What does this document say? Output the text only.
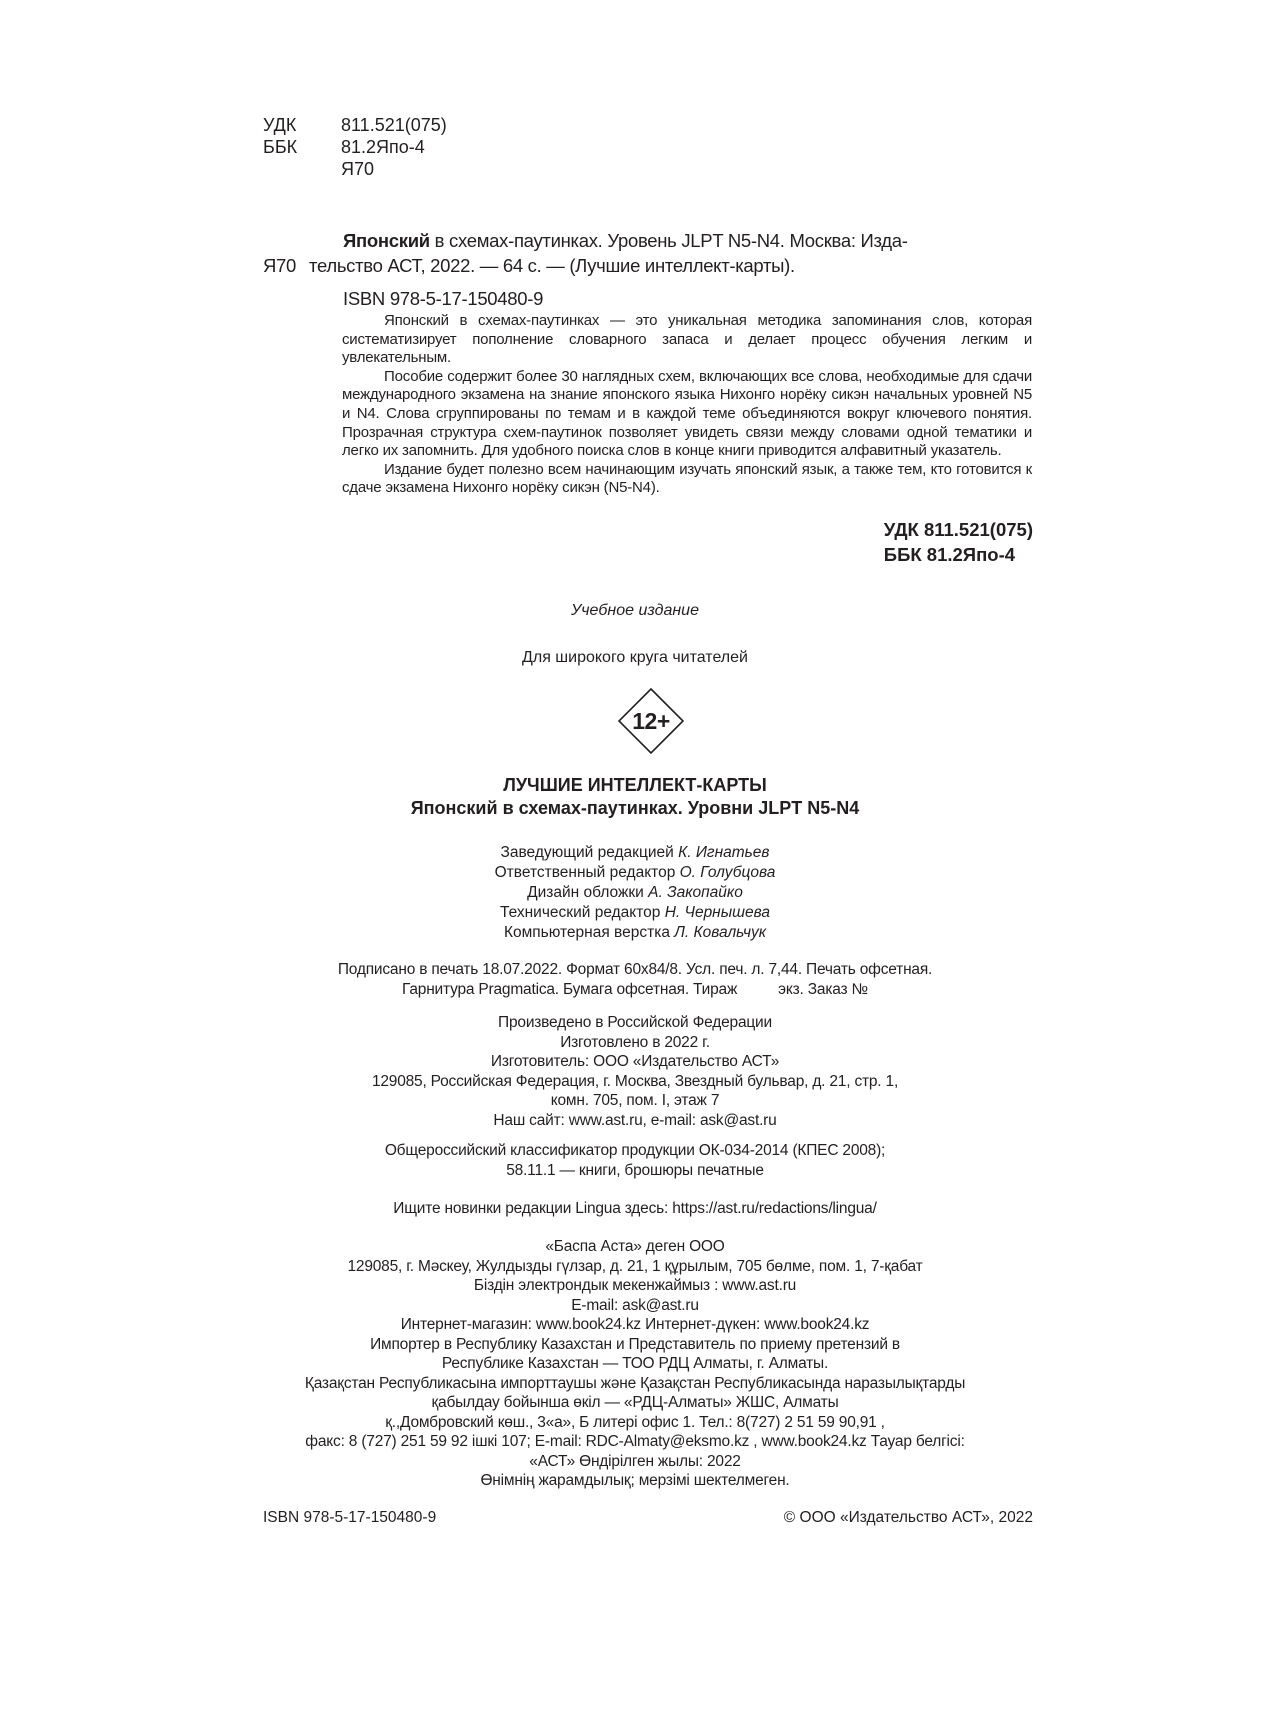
УДК 811.521(075)
ББК 81.2Япо-4
Я70
Японский в схемах-паутинках. Уровень JLPT N5-N4. Москва: Изда-
Я70 тельство АСТ, 2022. — 64 с. — (Лучшие интеллект-карты).
ISBN 978-5-17-150480-9

Японский в схемах-паутинках — это уникальная методика запоминания слов, которая систематизирует пополнение словарного запаса и делает процесс обучения легким и увлекательным.

Пособие содержит более 30 наглядных схем, включающих все слова, необходимые для сдачи международного экзамена на знание японского языка Нихонго норёку сикэн начальных уровней N5 и N4. Слова сгруппированы по темам и в каждой теме объединяются вокруг ключевого понятия. Прозрачная структура схем-паутинок позволяет увидеть связи между словами одной тематики и легко их запомнить. Для удобного поиска слов в конце книги приводится алфавитный указатель.

Издание будет полезно всем начинающим изучать японский язык, а также тем, кто готовится к сдаче экзамена Нихонго норёку сикэн (N5-N4).

УДК 811.521(075)
ББК 81.2Япо-4
Учебное издание
Для широкого круга читателей
12+
ЛУЧШИЕ ИНТЕЛЛЕКТ-КАРТЫ
Японский в схемах-паутинках. Уровни JLPT N5-N4
Заведующий редакцией К. Игнатьев
Ответственный редактор О. Голубцова
Дизайн обложки А. Закопайко
Технический редактор Н. Чернышева
Компьютерная верстка Л. Ковальчук
Подписано в печать 18.07.2022. Формат 60x84/8. Усл. печ. л. 7,44. Печать офсетная.
Гарнитура Pragmatica. Бумага офсетная. Тираж          экз. Заказ №
Произведено в Российской Федерации
Изготовлено в 2022 г.
Изготовитель: ООО «Издательство АСТ»
129085, Российская Федерация, г. Москва, Звездный бульвар, д. 21, стр. 1,
комн. 705, пом. I, этаж 7
Наш сайт: www.ast.ru, e-mail: ask@ast.ru
Общероссийский классификатор продукции ОК-034-2014 (КПЕС 2008);
58.11.1 — книги, брошюры печатные
Ищите новинки редакции Lingua здесь: https://ast.ru/redactions/lingua/
«Баспа Аста» деген ООО
129085, г. Мәскеу, Жулдызды гүлзар, д. 21, 1 құрылым, 705 бөлме, пом. 1, 7-қабат
Біздін электрондык мекенжаймыз : www.ast.ru
E-mail: ask@ast.ru
Интернет-магазин: www.book24.kz Интернет-дүкен: www.book24.kz
Импортер в Республику Казахстан и Представитель по приему претензий в
Республике Казахстан — ТОО РДЦ Алматы, г. Алматы.
Қазақстан Республикасына импорттаушы және Қазақстан Республикасында наразылықтарды
қабылдау бойынша өкіл — «РДЦ-Алматы» ЖШС, Алматы
қ.,Домбровский көш., 3«а», Б литерi офис 1. Тел.: 8(727) 2 51 59 90,91 ,
факс: 8 (727) 251 59 92 iшкi 107; E-mail: RDC-Almaty@eksmo.kz , www.book24.kz Тауар белгісі:
«АСТ» Өндірілген жылы: 2022
Өнімнің жарамдылық; мерзімі шектелмеген.
ISBN 978-5-17-150480-9	© ООО «Издательство АСТ», 2022
